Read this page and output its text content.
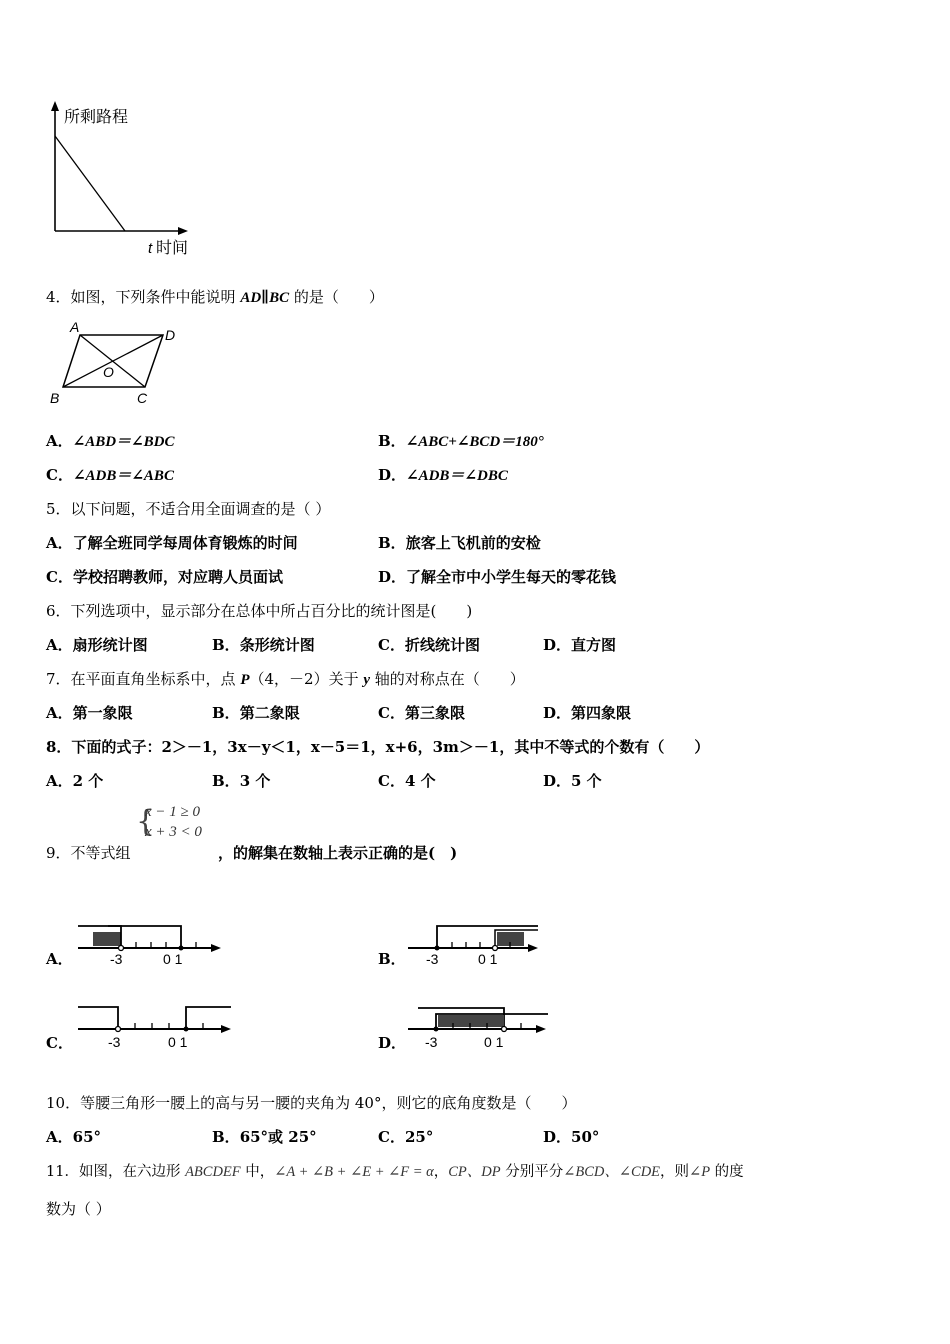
所剩路程
t 时间
4．如图，下列条件中能说明 AD∥BC 的是（　　）
A	D
O
B	C
A．∠ABD＝∠BDC	B．∠ABC+∠BCD＝180°
C．∠ADB＝∠ABC	D．∠ADB＝∠DBC
5．以下问题，不适合用全面调查的是（ ）
A．了解全班同学每周体育锻炼的时间	B．旅客上飞机前的安检
C．学校招聘教师，对应聘人员面试	D．了解全市中小学生每天的零花钱
6．下列选项中，显示部分在总体中所占百分比的统计图是(　　)
A．扇形统计图	B．条形统计图	C．折线统计图	D．直方图
7．在平面直角坐标系中，点 P（4，－2）关于 y 轴的对称点在（　　）
A．第一象限	B．第二象限	C．第三象限	D．第四象限
8．下面的式子：2＞－1，3x－y＜1，x－5＝1，x+6，3m＞－1，其中不等式的个数有（　　）
A．2 个	B．3 个	C．4 个	D．5 个
9．不等式组
{
x − 1 ≥ 0
x + 3 < 0
，的解集在数轴上表示正确的是(　)
A．	-3	0 1	B． -3	0 1
C．	-3	0 1	D． -3	0 1
10．等腰三角形一腰上的高与另一腰的夹角为 40°，则它的底角度数是（　　）
A．65°	B．65°或 25°	C．25°	D．50°
11．如图，在六边形 ABCDEF 中，∠A + ∠B + ∠E + ∠F = α，CP、DP 分别平分∠BCD、∠CDE，则∠P 的度
数为（ ）
